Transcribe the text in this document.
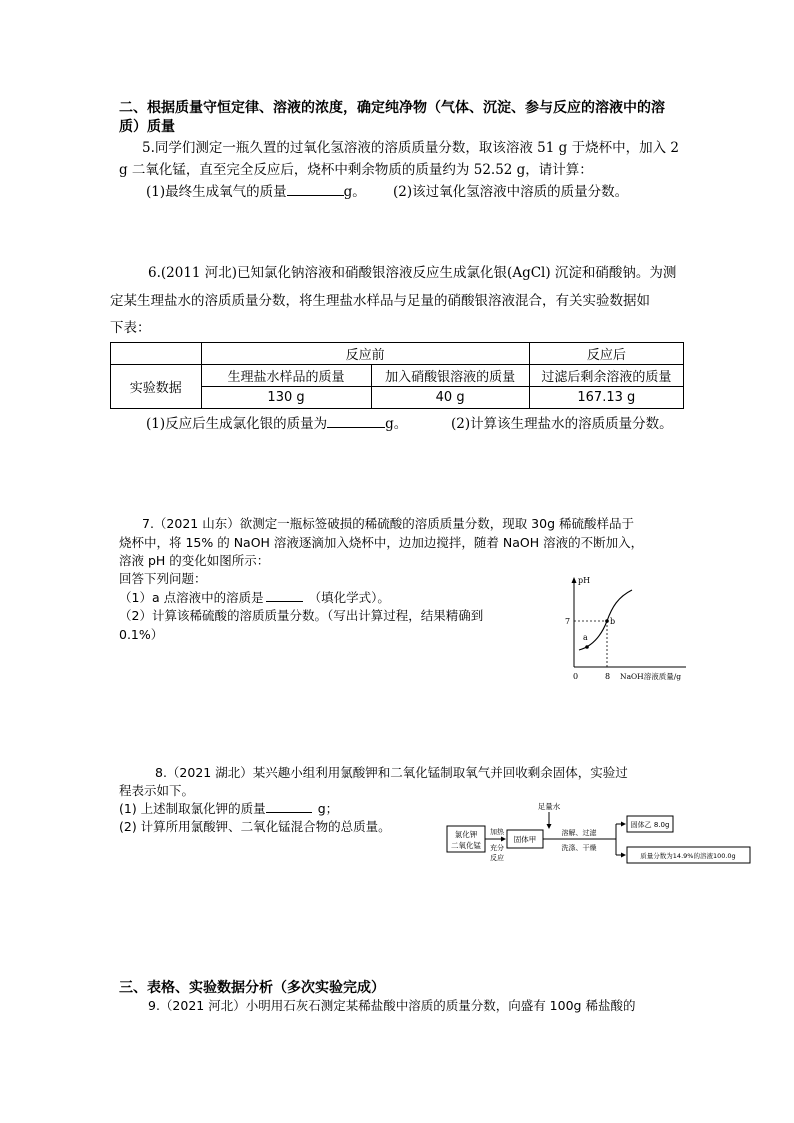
二、根据质量守恒定律、溶液的浓度，确定纯净物（气体、沉淀、参与反应的溶液中的溶
质）质量
5.同学们测定一瓶久置的过氧化氢溶液的溶质质量分数，取该溶液 51 g 于烧杯中，加入 2
g 二氧化锰，直至完全反应后，烧杯中剩余物质的质量约为 52.52 g，请计算：
(1)最终生成氧气的质量	g。 (2)该过氧化氢溶液中溶质的质量分数。
6.(2011 河北)已知氯化钠溶液和硝酸银溶液反应生成氯化银(AgCl) 沉淀和硝酸钠。为测
定某生理盐水的溶质质量分数，将生理盐水样品与足量的硝酸银溶液混合，有关实验数据如
下表：
	反应前		反应后
实验数据	生理盐水样品的质量	加入硝酸银溶液的质量	过滤后剩余溶液的质量
	130 g	40 g	167.13 g
(1)反应后生成氯化银的质量为	g。	(2)计算该生理盐水的溶质质量分数。
7.（2021 山东）欲测定一瓶标签破损的稀硫酸的溶质质量分数，现取 30g 稀硫酸样品于
烧杯中，将 15% 的 NaOH 溶液逐滴加入烧杯中，边加边搅拌，随着 NaOH 溶液的不断加入，
溶液 pH 的变化如图所示：
回答下列问题：
（1）a 点溶液中的溶质是	（填化学式）。
（2）计算该稀硫酸的溶质质量分数。（写出计算过程，结果精确到
0.1%）
pH
7
a
b
0	8 NaOH溶液质量/g
8.（2021 湖北）某兴趣小组利用氯酸钾和二氧化锰制取氧气并回收剩余固体，实验过
程表示如下。
(1) 上述制取氯化钾的质量	g；
(2) 计算所用氯酸钾、二氧化锰混合物的总质量。
氯化钾
二氧化锰
加热
充分
反应
固体甲
足量水
溶解、过滤
洗涤、干燥
固体乙 8.0g
质量分数为14.9%的溶液100.0g
三、表格、实验数据分析（多次实验完成）
9.（2021 河北）小明用石灰石测定某稀盐酸中溶质的质量分数，向盛有 100g 稀盐酸的
